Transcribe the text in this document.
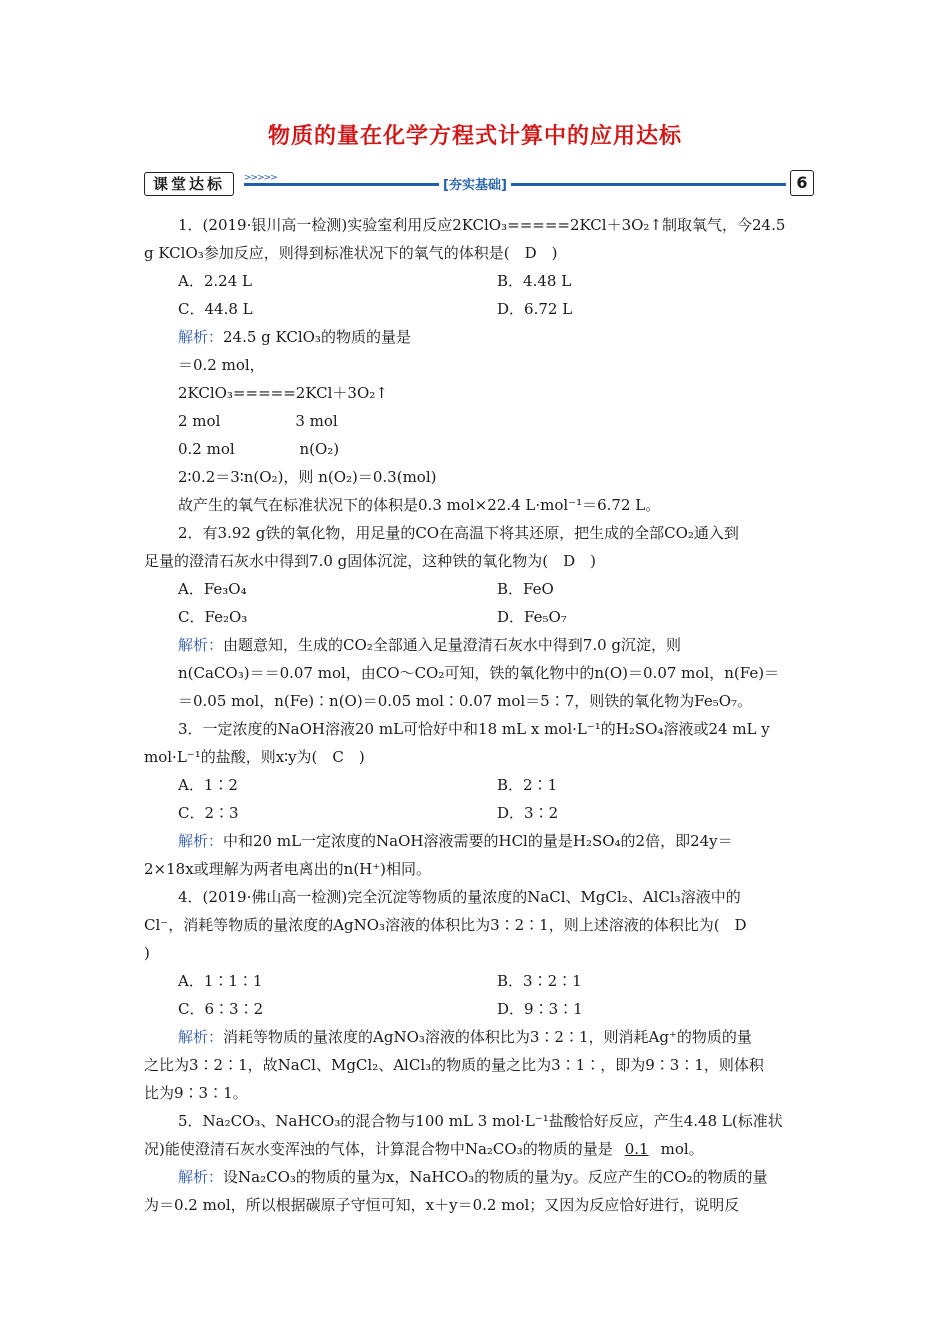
物质的量在化学方程式计算中的应用达标
课堂达标	>>>>>	[夯实基础]	6

1．(2019·银川高一检测)实验室利用反应2KClO₃=====2KCl＋3O₂↑制取氧气，今24.5

g KClO₃参加反应，则得到标准状况下的氧气的体积是(　D　)

A．2.24 L	B．4.48 L
C．44.8 L	D．6.72 L

解析：24.5 g KClO₃的物质的量是

＝0.2 mol，

2KClO₃=====2KCl＋3O₂↑

2 mol　　　　　3 mol

0.2 mol　　　　 n(O₂)

2∶0.2＝3∶n(O₂)，则 n(O₂)＝0.3(mol)

故产生的氧气在标准状况下的体积是0.3 mol×22.4 L·mol⁻¹＝6.72 L。

2．有3.92 g铁的氧化物，用足量的CO在高温下将其还原，把生成的全部CO₂通入到

足量的澄清石灰水中得到7.0 g固体沉淀，这种铁的氧化物为(　D　)

A．Fe₃O₄	B．FeO
C．Fe₂O₃	D．Fe₅O₇

解析：由题意知，生成的CO₂全部通入足量澄清石灰水中得到7.0 g沉淀，则

n(CaCO₃)＝＝0.07 mol，由CO～CO₂可知，铁的氧化物中的n(O)＝0.07 mol，n(Fe)＝

＝0.05 mol，n(Fe)∶n(O)＝0.05 mol∶0.07 mol＝5∶7，则铁的氧化物为Fe₅O₇。

3．一定浓度的NaOH溶液20 mL可恰好中和18 mL x mol·L⁻¹的H₂SO₄溶液或24 mL y

mol·L⁻¹的盐酸，则x∶y为(　C　)

A．1∶2	B．2∶1
C．2∶3	D．3∶2

解析：中和20 mL一定浓度的NaOH溶液需要的HCl的量是H₂SO₄的2倍，即24y＝

2×18x或理解为两者电离出的n(H⁺)相同。

4．(2019·佛山高一检测)完全沉淀等物质的量浓度的NaCl、MgCl₂、AlCl₃溶液中的

Cl⁻，消耗等物质的量浓度的AgNO₃溶液的体积比为3∶2∶1，则上述溶液的体积比为(　D

)

A．1∶1∶1	B．3∶2∶1
C．6∶3∶2	D．9∶3∶1

解析：消耗等物质的量浓度的AgNO₃溶液的体积比为3∶2∶1，则消耗Ag⁺的物质的量

之比为3∶2∶1，故NaCl、MgCl₂、AlCl₃的物质的量之比为3∶1∶，即为9∶3∶1，则体积

比为9∶3∶1。

5．Na₂CO₃、NaHCO₃的混合物与100 mL 3 mol·L⁻¹盐酸恰好反应，产生4.48 L(标准状

况)能使澄清石灰水变浑浊的气体，计算混合物中Na₂CO₃的物质的量是 0.1 mol。

解析：设Na₂CO₃的物质的量为x，NaHCO₃的物质的量为y。反应产生的CO₂的物质的量

为＝0.2 mol，所以根据碳原子守恒可知，x＋y＝0.2 mol；又因为反应恰好进行，说明反
